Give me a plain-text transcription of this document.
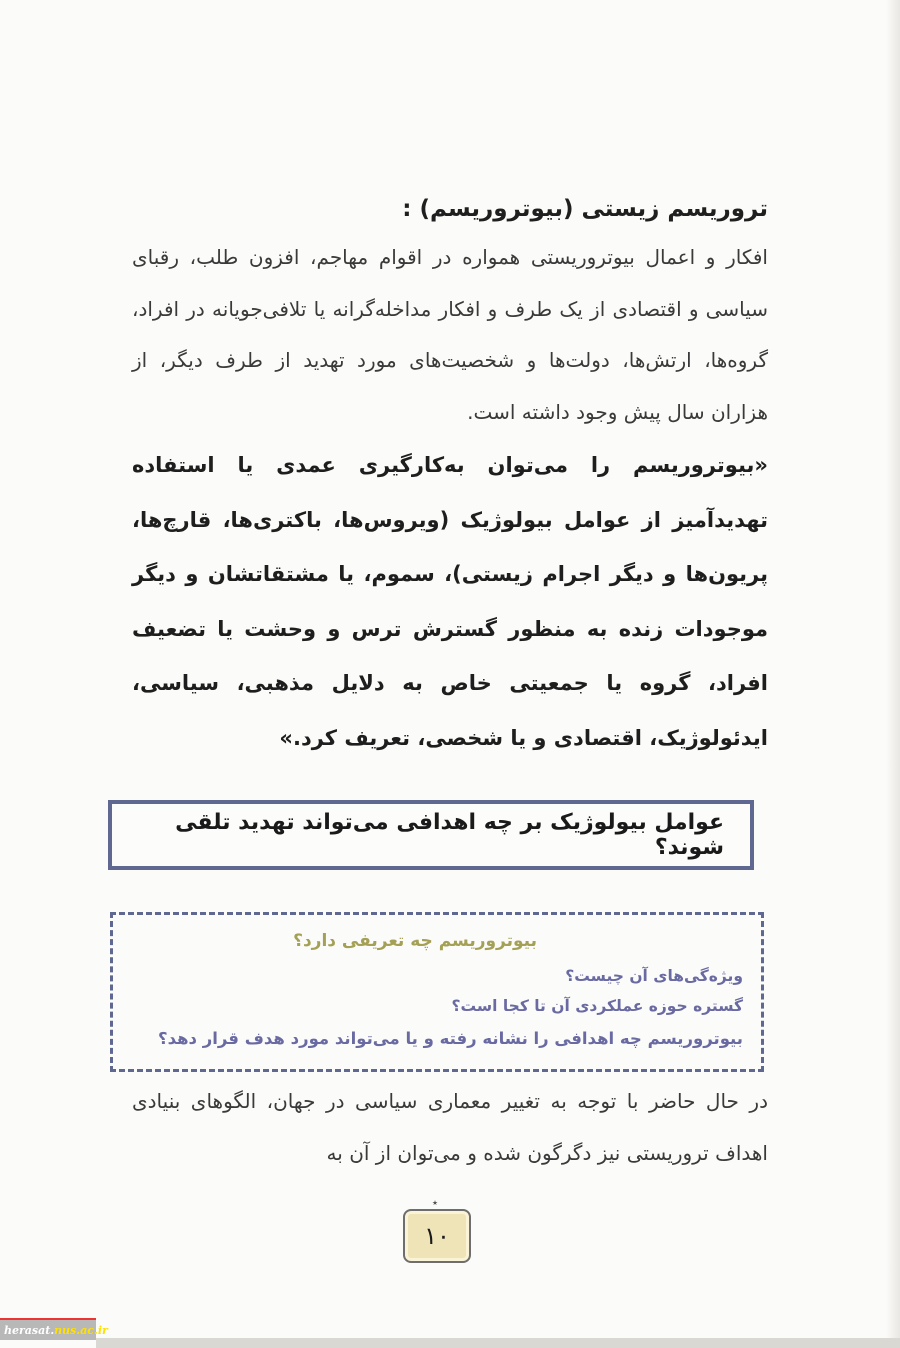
تروریسم زیستی (بیوتروریسم) :
افکار و اعمال بیوتروریستی همواره در اقوام مهاجم، افزون طلب، رقبای سیاسی و اقتصادی از یک طرف و افکار مداخله‌گرانه یا تلافی‌جویانه در افراد، گروه‌ها، ارتش‌ها، دولت‌ها و شخصیت‌های مورد تهدید از طرف دیگر، از هزاران سال پیش وجود داشته است.
«بیوتروریسم را می‌توان به‌کارگیری عمدی یا استفاده تهدیدآمیز از عوامل بیولوژیک (ویروس‌ها، باکتری‌ها، قارچ‌ها، پریون‌ها و دیگر اجرام زیستی)، سموم، یا مشتقاتشان و دیگر موجودات زنده به منظور گسترش ترس و وحشت یا تضعیف افراد، گروه یا جمعیتی خاص به دلایل مذهبی، سیاسی، ایدئولوژیک، اقتصادی و یا شخصی، تعریف کرد.»
عوامل بیولوژیک بر چه اهدافی می‌تواند تهدید تلقی شوند؟
بیوتروریسم چه تعریفی دارد؟
ویژه‌گی‌های آن چیست؟
گستره حوزه عملکردی آن تا کجا است؟
بیوتروریسم چه اهدافی را نشانه رفته و یا می‌تواند مورد هدف قرار دهد؟
در حال حاضر با توجه به تغییر معماری سیاسی در جهان، الگوهای بنیادی اهداف تروریستی نیز دگرگون شده و می‌توان از آن به
٭
۱۰
herasat. nus.ac.ir
